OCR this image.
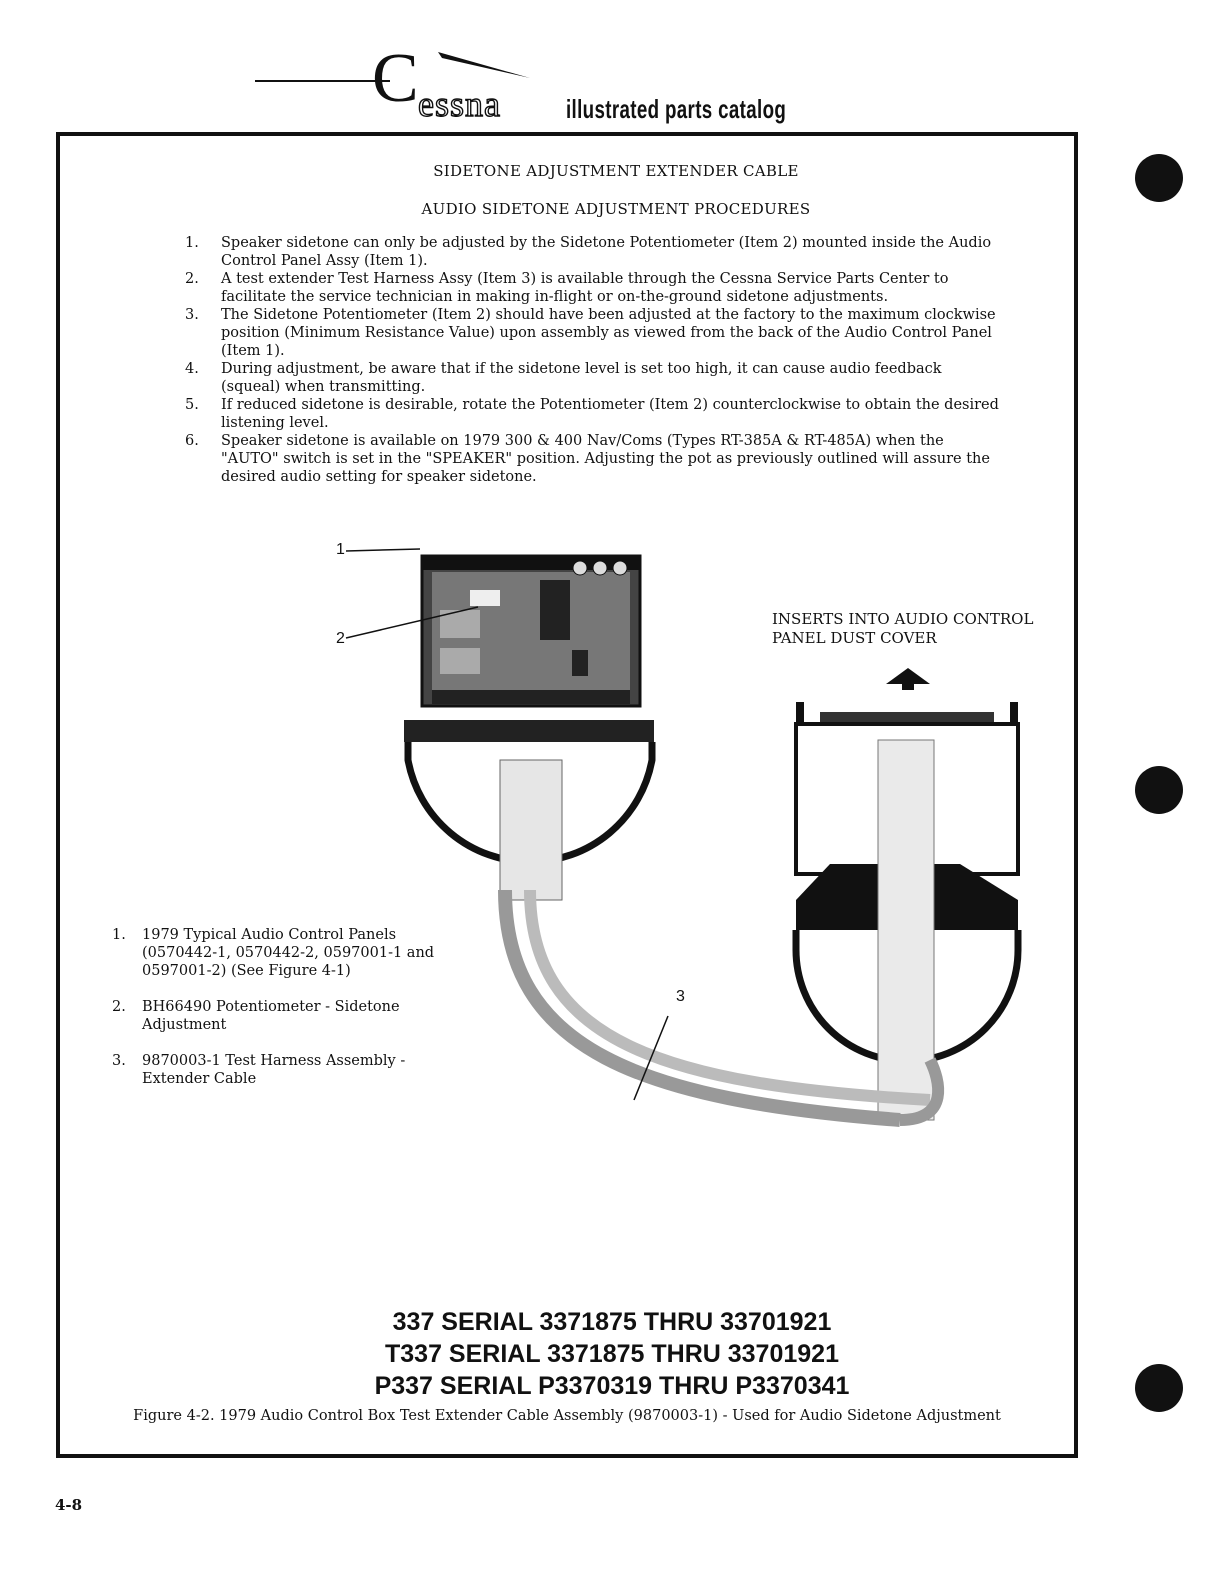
C essna	illustrated parts catalog
SIDETONE ADJUSTMENT EXTENDER CABLE
AUDIO SIDETONE ADJUSTMENT PROCEDURES
Figure 4-2. 1979 Audio Control Box Test Extender Cable Assembly (9870003-1) - Used for Audio Sidetone Adjustment
1.	Speaker sidetone can only be adjusted by the Sidetone Potentiometer (Item 2) mounted inside the Audio Control Panel Assy (Item 1).
2.	A test extender Test Harness Assy (Item 3) is available through the Cessna Service Parts Center to facilitate the service technician in making in-flight or on-the-ground sidetone adjustments.
3.	The Sidetone Potentiometer (Item 2) should have been adjusted at the factory to the maximum clockwise position (Minimum Resistance Value) upon assembly as viewed from the back of the Audio Control Panel (Item 1).
4.	During adjustment, be aware that if the sidetone level is set too high, it can cause audio feedback (squeal) when transmitting.
5.	If reduced sidetone is desirable, rotate the Potentiometer (Item 2) counterclockwise to obtain the desired listening level.
6.	Speaker sidetone is available on 1979 300 & 400 Nav/Coms (Types RT-385A & RT-485A) when the "AUTO" switch is set in the "SPEAKER" position. Adjusting the pot as previously outlined will assure the desired audio setting for speaker sidetone.
1
2
3
INSERTS INTO AUDIO CONTROL
PANEL DUST COVER
1.	1979 Typical Audio Control Panels (0570442-1, 0570442-2, 0597001-1 and 0597001-2) (See Figure 4-1)
2.	BH66490 Potentiometer - Sidetone Adjustment
3.	9870003-1 Test Harness Assembly - Extender Cable
337 SERIAL 3371875 THRU 33701921
T337 SERIAL 3371875 THRU 33701921
P337 SERIAL P3370319 THRU P3370341
4-8
